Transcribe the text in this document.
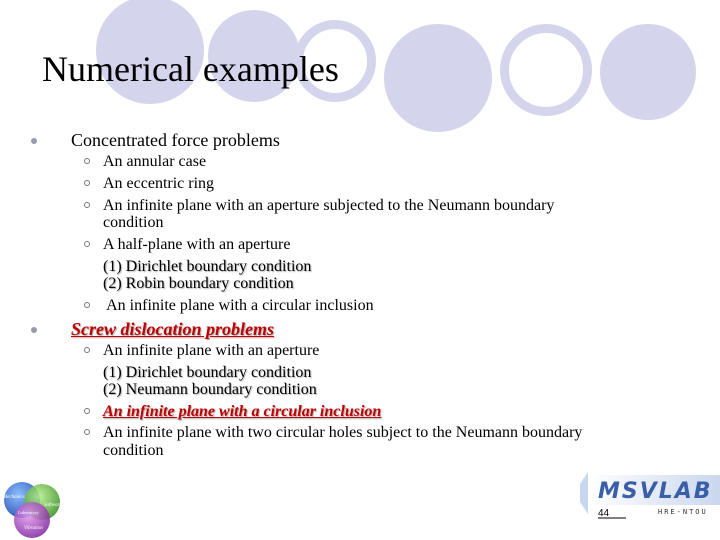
Numerical examples
Concentrated force problems
An annular case
An eccentric ring
An infinite plane with an aperture subjected to the Neumann boundary
condition
A half-plane with an aperture
(1) Dirichlet boundary condition
(2) Robin boundary condition
An infinite plane with a circular inclusion
Screw dislocation problems
An infinite plane with an aperture
(1) Dirichlet boundary condition
(2) Neumann boundary condition
An infinite plane with a circular inclusion
An infinite plane with two circular holes subject to the Neumann boundary
condition
Mechanics
Software
Laboratory
Vibration
MSVLAB
HRE-NTOU
44
